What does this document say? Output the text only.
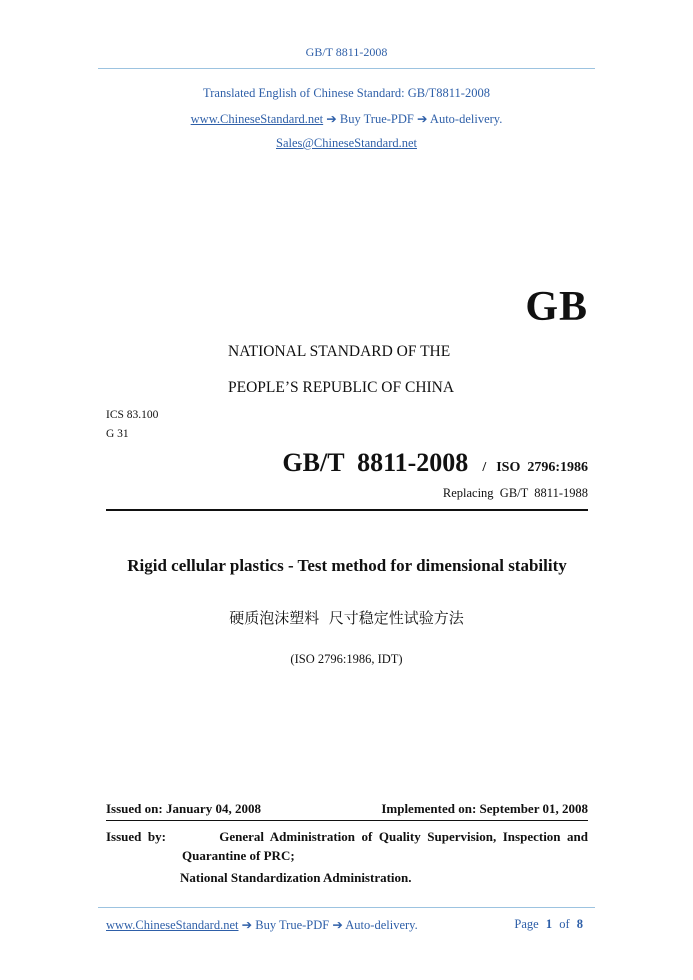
GB/T 8811-2008
Translated English of Chinese Standard: GB/T8811-2008
www.ChineseStandard.net ➔ Buy True-PDF ➔ Auto-delivery.
Sales@ChineseStandard.net
GB
NATIONAL STANDARD OF THE
PEOPLE’S REPUBLIC OF CHINA
ICS 83.100
G 31
GB/T  8811-2008 / ISO  2796:1986
Replacing  GB/T  8811-1988
Rigid cellular plastics - Test method for dimensional stability
硬质泡沫塑料  尺寸稳定性试验方法
(ISO 2796:1986, IDT)
Issued on: January 04, 2008	Implemented on: September 01, 2008
Issued  by:	General  Administration  of  Quality  Supervision,  Inspection  and
Quarantine of PRC;
National Standardization Administration.
www.ChineseStandard.net ➔ Buy True-PDF ➔ Auto-delivery.	Page 1 of 8
